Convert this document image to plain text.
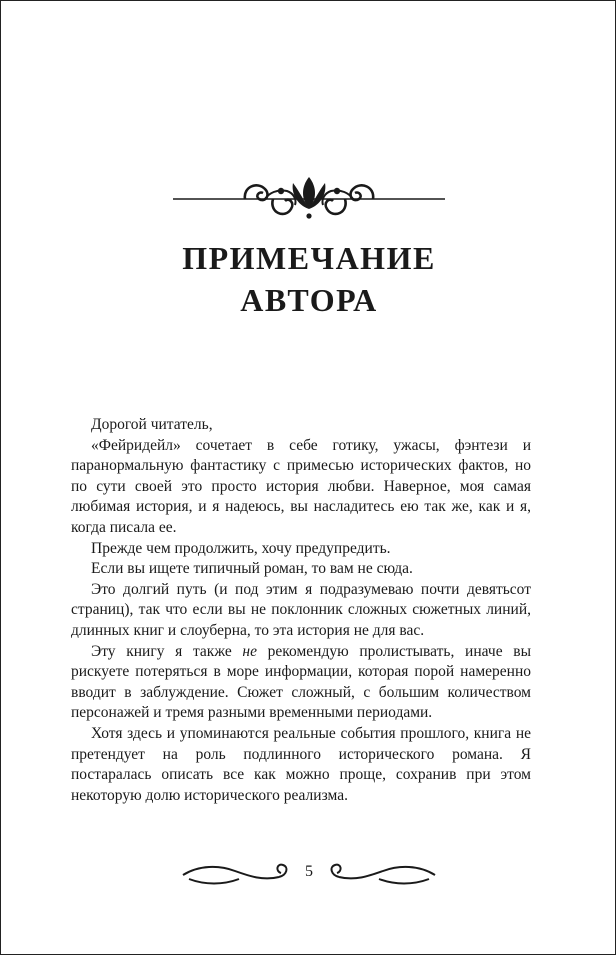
ПРИМЕЧАНИЕ
АВТОРА

Дорогой читатель,

«Фейридейл» сочетает в себе готику, ужасы, фэнтези и паранормальную фантастику с примесью исторических фактов, но по сути своей это просто история любви. Наверное, моя самая любимая история, и я надеюсь, вы насладитесь ею так же, как и я, когда писала ее.

Прежде чем продолжить, хочу предупредить.

Если вы ищете типичный роман, то вам не сюда.

Это долгий путь (и под этим я подразумеваю почти девятьсот страниц), так что если вы не поклонник сложных сюжетных линий, длинных книг и слоуберна, то эта история не для вас.

Эту книгу я также не рекомендую пролистывать, иначе вы рискуете потеряться в море информации, которая порой намеренно вводит в заблуждение. Сюжет сложный, с большим количеством персонажей и тремя разными временными периодами.

Хотя здесь и упоминаются реальные события прошлого, книга не претендует на роль подлинного исторического романа. Я постаралась описать все как можно проще, сохранив при этом некоторую долю исторического реализма.

5
